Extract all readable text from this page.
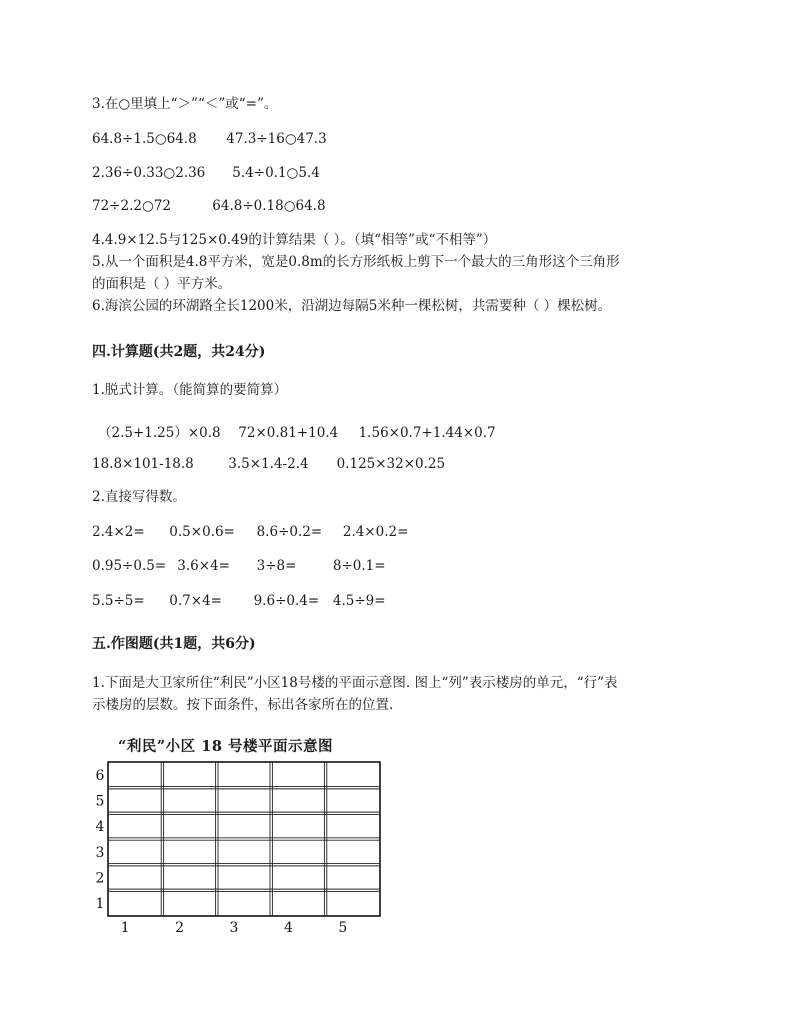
3.在○里填上“＞”“＜”或“=”。
64.8÷1.5○64.8 47.3÷16○47.3
2.36÷0.33○2.36 5.4÷0.1○5.4
72÷2.2○72	64.8÷0.18○64.8
4.4.9×12.5与125×0.49的计算结果（ ）。（填“相等”或“不相等”）
5.从一个面积是4.8平方米，宽是0.8m的长方形纸板上剪下一个最大的三角形这个三角形
的面积是（ ）平方米。
6.海滨公园的环湖路全长1200米，沿湖边每隔5米种一棵松树，共需要种（ ）棵松树。
四.计算题(共2题，共24分)
1.脱式计算。（能简算的要简算）
（2.5+1.25）×0.8 72×0.81+10.4 1.56×0.7+1.44×0.7
18.8×101-18.8	3.5×1.4-2.4 0.125×32×0.25
2.直接写得数。
2.4×2= 0.5×0.6= 8.6÷0.2= 2.4×0.2=
0.95÷0.5= 3.6×4= 3÷8=	8÷0.1=
5.5÷5= 0.7×4= 9.6÷0.4= 4.5÷9=
五.作图题(共1题，共6分)
1.下面是大卫家所住“利民”小区18号楼的平面示意图. 图上“列”表示楼房的单元，“行”表
示楼房的层数。按下面条件，标出各家所在的位置.
“利民”小区 18 号楼平面示意图
1
2
3
4
5
6
1	2	3	4	5
